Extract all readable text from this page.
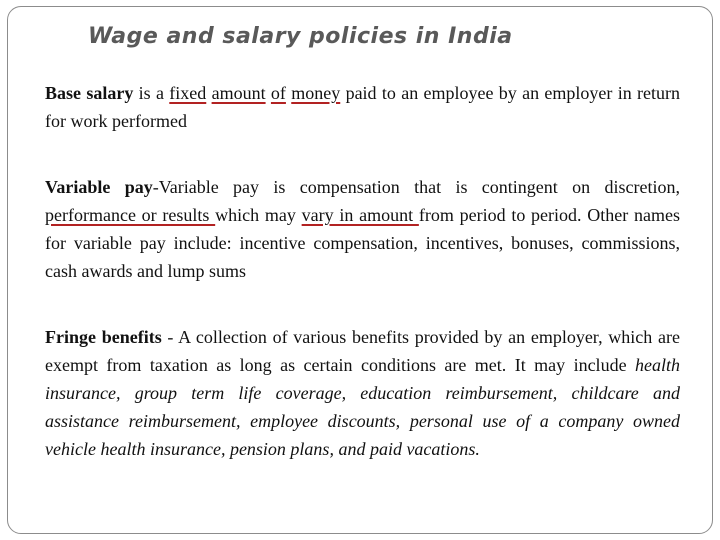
Wage and salary policies in India

Base salary is a fixed amount of money paid to an employee by an employer in return for work performed

Variable pay-Variable pay is compensation that is contingent on discretion, performance or results which may vary in amount from period to period. Other names for variable pay include: incentive compensation, incentives, bonuses, commissions, cash awards and lump sums

Fringe benefits - A collection of various benefits provided by an employer, which are exempt from taxation as long as certain conditions are met. It may include health insurance, group term life coverage, education reimbursement, childcare and assistance reimbursement, employee discounts, personal use of a company owned vehicle health insurance, pension plans, and paid vacations.
